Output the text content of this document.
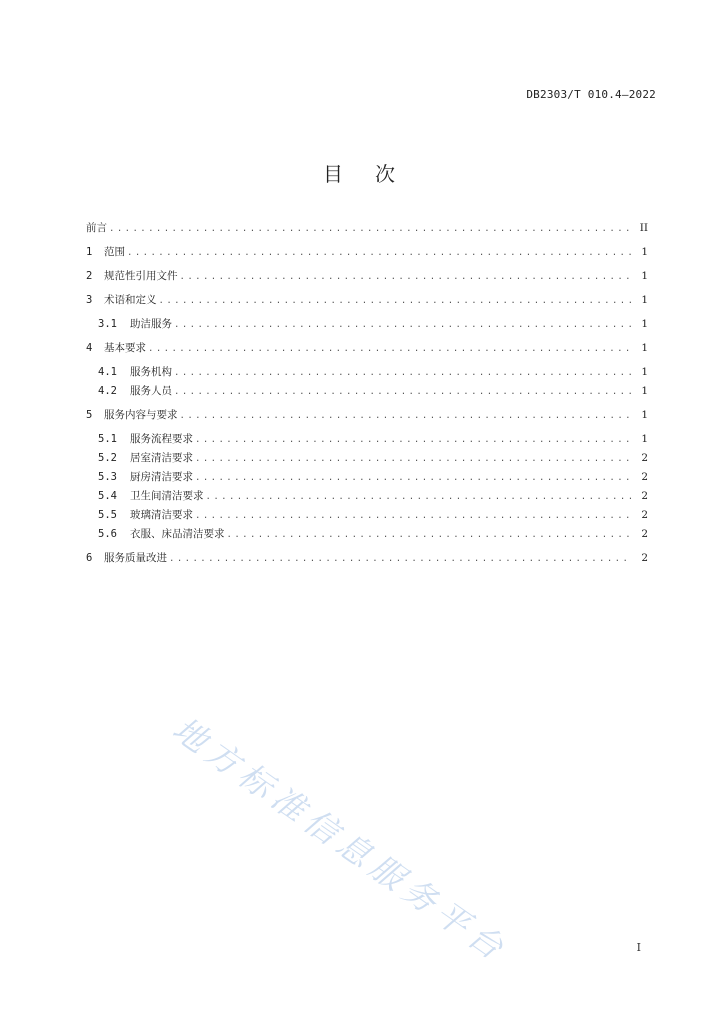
DB2303/T 010.4—2022
目　次
前言 .....	II
1	范围 .....	1
2	规范性引用文件 .....	1
3	术语和定义 .....	1
3.1	助洁服务 .....	1
4	基本要求 .....	1
4.1	服务机构 .....	1
4.2	服务人员 .....	1
5	服务内容与要求 .....	1
5.1	服务流程要求 .....	1
5.2	居室清洁要求 .....	2
5.3	厨房清洁要求 .....	2
5.4	卫生间清洁要求 .....	2
5.5	玻璃清洁要求 .....	2
5.6	衣服、床品清洁要求 .....	2
6	服务质量改进 .....	2
地方标准信息服务平台	I
